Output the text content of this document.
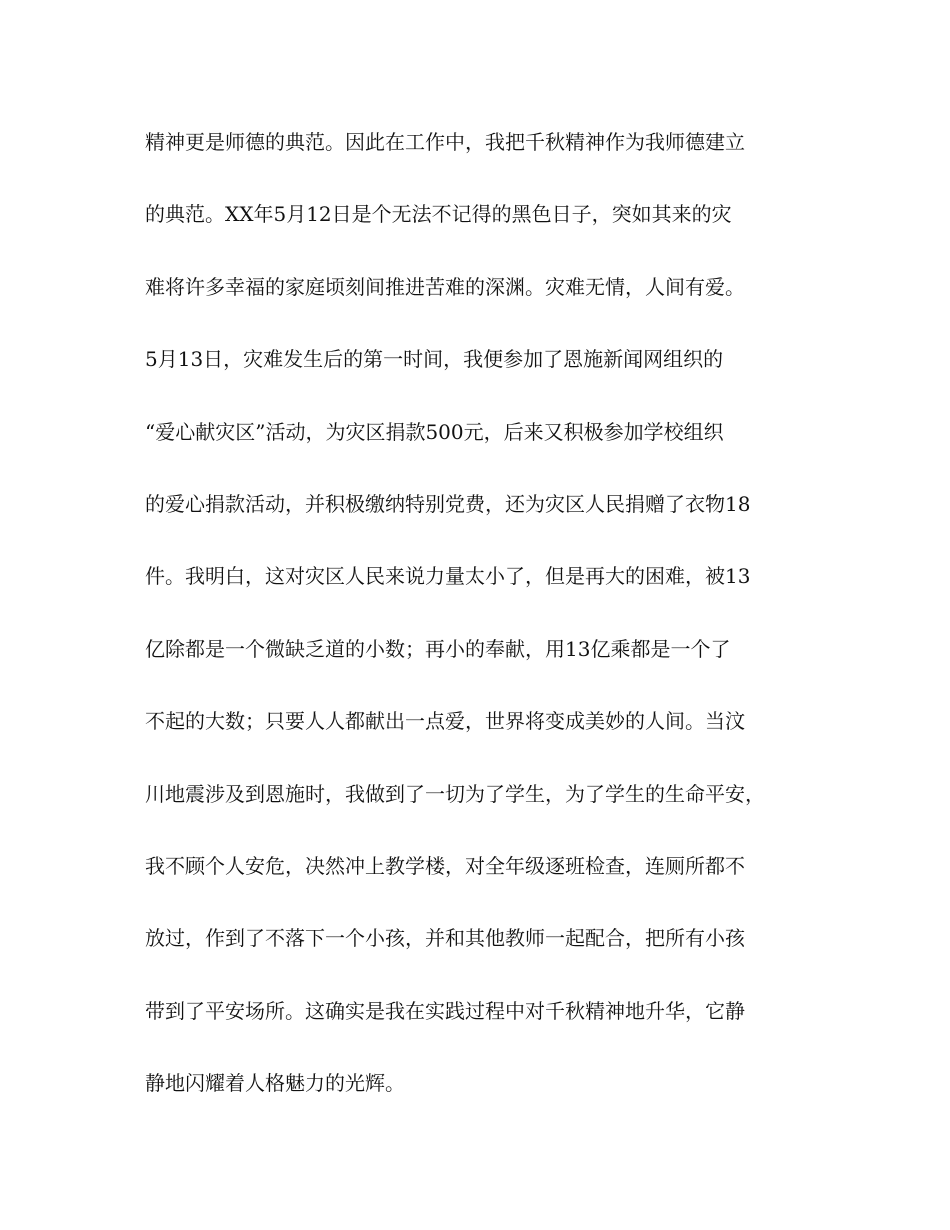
精神更是师德的典范。因此在工作中，我把千秋精神作为我师德建立
的典范。XX年5月12日是个无法不记得的黑色日子，突如其来的灾
难将许多幸福的家庭顷刻间推进苦难的深渊。灾难无情，人间有爱。
5月13日，灾难发生后的第一时间，我便参加了恩施新闻网组织的
“爱心献灾区”活动，为灾区捐款500元，后来又积极参加学校组织
的爱心捐款活动，并积极缴纳特别党费，还为灾区人民捐赠了衣物18
件。我明白，这对灾区人民来说力量太小了，但是再大的困难，被13
亿除都是一个微缺乏道的小数；再小的奉献，用13亿乘都是一个了
不起的大数；只要人人都献出一点爱，世界将变成美妙的人间。当汶
川地震涉及到恩施时，我做到了一切为了学生，为了学生的生命平安，
我不顾个人安危，决然冲上教学楼，对全年级逐班检查，连厕所都不
放过，作到了不落下一个小孩，并和其他教师一起配合，把所有小孩
带到了平安场所。这确实是我在实践过程中对千秋精神地升华，它静
静地闪耀着人格魅力的光辉。
